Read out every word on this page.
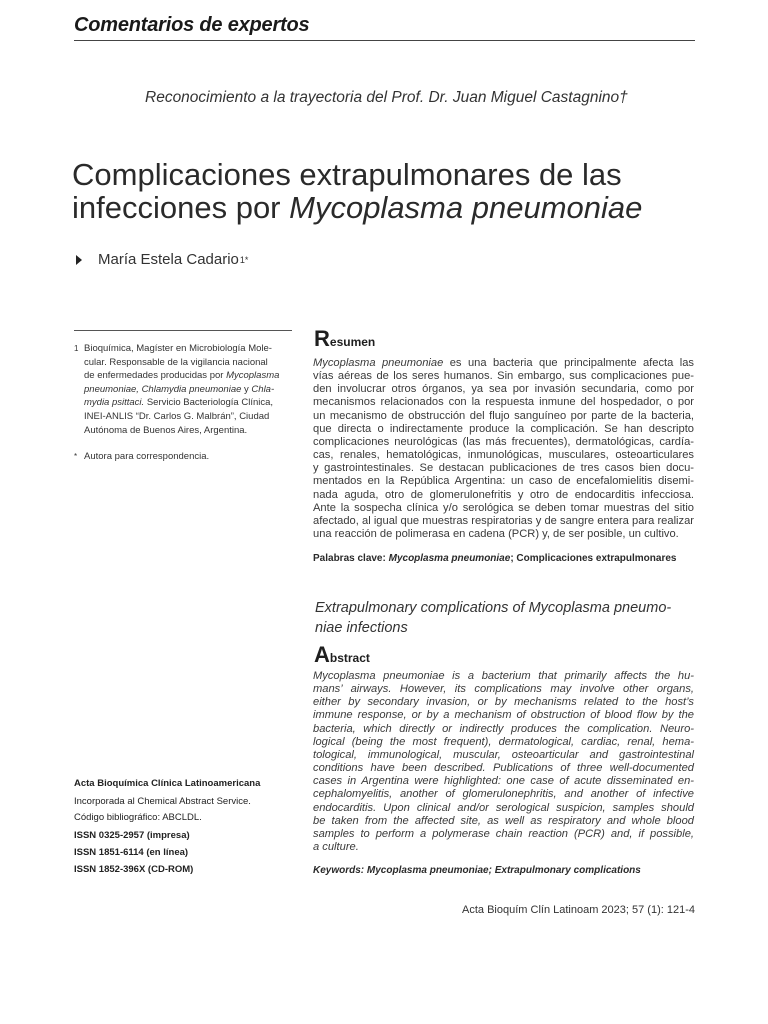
Comentarios de expertos
Reconocimiento a la trayectoria del Prof. Dr. Juan Miguel Castagnino†
Complicaciones extrapulmonares de las
infecciones por Mycoplasma pneumoniae
María Estela Cadario 1*
1 Bioquímica, Magíster en Microbiología Mole-
cular. Responsable de la vigilancia nacional
de enfermedades producidas por Mycoplasma
pneumoniae, Chlamydia pneumoniae y Chla-
mydia psittaci. Servicio Bacteriología Clínica,
INEI-ANLIS “Dr. Carlos G. Malbrán”, Ciudad
Autónoma de Buenos Aires, Argentina.
* Autora para correspondencia.
Resumen
Mycoplasma pneumoniae es una bacteria que principalmente afecta las
vías aéreas de los seres humanos. Sin embargo, sus complicaciones pue-
den involucrar otros órganos, ya sea por invasión secundaria, como por
mecanismos relacionados con la respuesta inmune del hospedador, o por
un mecanismo de obstrucción del flujo sanguíneo por parte de la bacteria,
que directa o indirectamente produce la complicación. Se han descripto
complicaciones neurológicas (las más frecuentes), dermatológicas, cardía-
cas, renales, hematológicas, inmunológicas, musculares, osteoarticulares
y gastrointestinales. Se destacan publicaciones de tres casos bien docu-
mentados en la República Argentina: un caso de encefalomielitis disemi-
nada aguda, otro de glomerulonefritis y otro de endocarditis infecciosa.
Ante la sospecha clínica y/o serológica se deben tomar muestras del sitio
afectado, al igual que muestras respiratorias y de sangre entera para realizar
una reacción de polimerasa en cadena (PCR) y, de ser posible, un cultivo.
Palabras clave: Mycoplasma pneumoniae; Complicaciones extrapulmonares
Extrapulmonary complications of Mycoplasma pneumo-
niae infections
Abstract
Mycoplasma pneumoniae is a bacterium that primarily affects the hu-
mans’ airways. However, its complications may involve other organs,
either by secondary invasion, or by mechanisms related to the host’s
immune response, or by a mechanism of obstruction of blood flow by the
bacteria, which directly or indirectly produces the complication. Neuro-
logical (being the most frequent), dermatological, cardiac, renal, hema-
tological, immunological, muscular, osteoarticular and gastrointestinal
conditions have been described. Publications of three well-documented
cases in Argentina were highlighted: one case of acute disseminated en-
cephalomyelitis, another of glomerulonephritis, and another of infective
endocarditis. Upon clinical and/or serological suspicion, samples should
be taken from the affected site, as well as respiratory and whole blood
samples to perform a polymerase chain reaction (PCR) and, if possible,
a culture.
Keywords: Mycoplasma pneumoniae; Extrapulmonary complications
Acta Bioquímica Clínica Latinoamericana
Incorporada al Chemical Abstract Service.
Código bibliográfico: ABCLDL.
ISSN 0325-2957 (impresa)
ISSN 1851-6114 (en línea)
ISSN 1852-396X (CD-ROM)
Acta Bioquím Clín Latinoam 2023; 57 (1): 121-4
